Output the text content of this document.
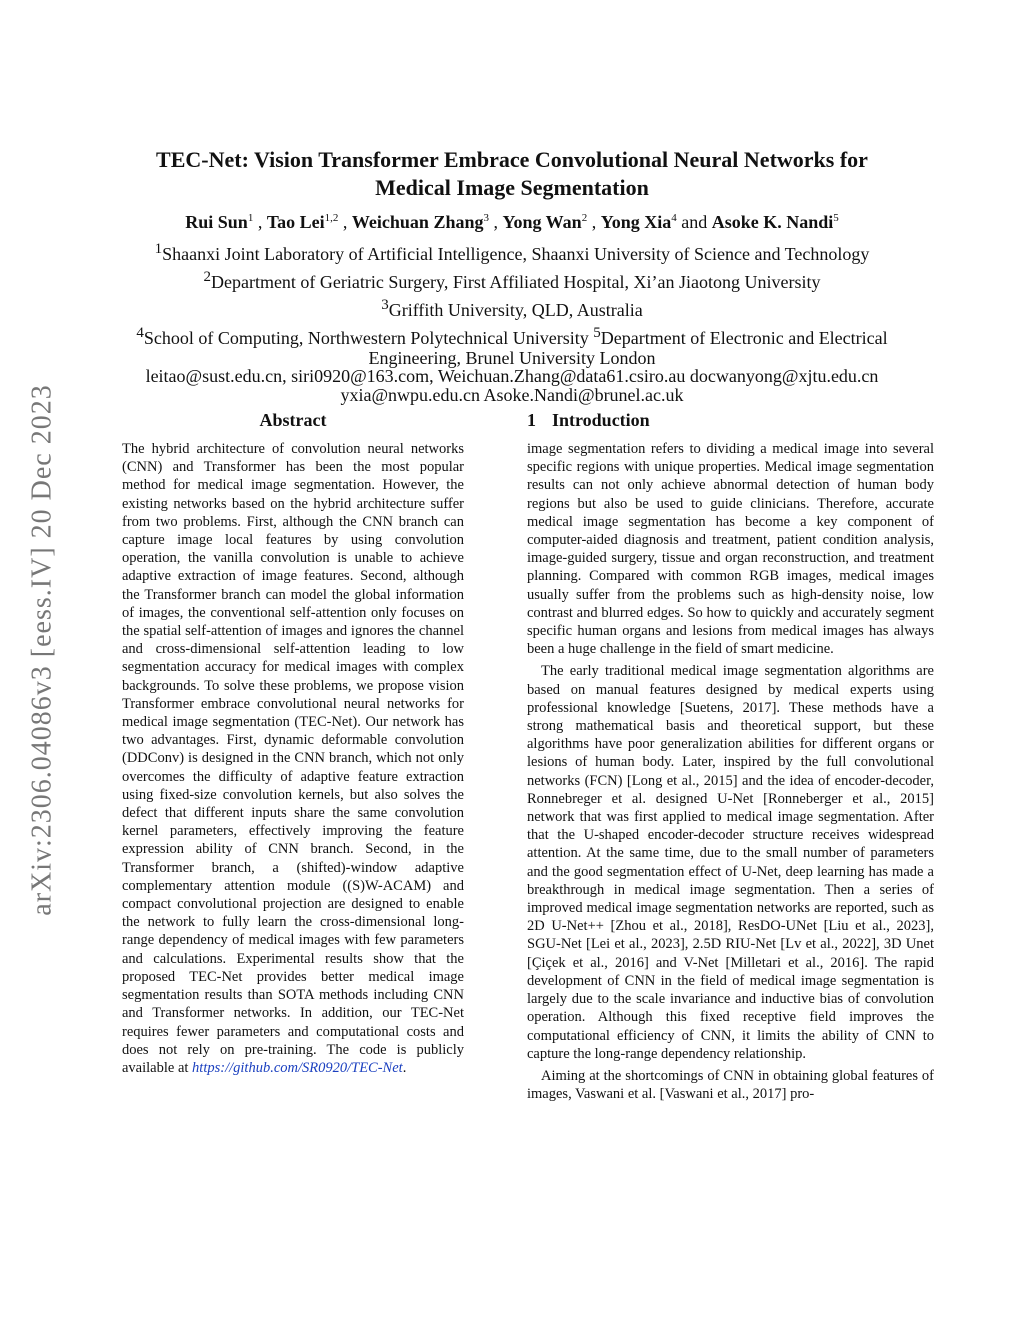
arXiv:2306.04086v3 [eess.IV] 20 Dec 2023
TEC-Net: Vision Transformer Embrace Convolutional Neural Networks for
Medical Image Segmentation
Rui Sun$^1$ , Tao Lei$^{1,2}$ , Weichuan Zhang$^3$ , Yong Wan$^2$ , Yong Xia$^4$ and Asoke K. Nandi$^5$
$^1$Shaanxi Joint Laboratory of Artificial Intelligence, Shaanxi University of Science and Technology
$^2$Department of Geriatric Surgery, First Affiliated Hospital, Xi’an Jiaotong University
$^3$Griffith University, QLD, Australia
$^4$School of Computing, Northwestern Polytechnical University $^5$Department of Electronic and Electrical
Engineering, Brunel University London
leitao@sust.edu.cn, siri0920@163.com, Weichuan.Zhang@data61.csiro.au docwanyong@xjtu.edu.cn
yxia@nwpu.edu.cn Asoke.Nandi@brunel.ac.uk
Abstract

The hybrid architecture of convolution neural networks (CNN) and Transformer has been the most popular method for medical image segmentation. However, the existing networks based on the hybrid architecture suffer from two problems. First, although the CNN branch can capture image local features by using convolution operation, the vanilla convolution is unable to achieve adaptive extraction of image features. Second, although the Transformer branch can model the global information of images, the conventional self-attention only focuses on the spatial self-attention of images and ignores the channel and cross-dimensional self-attention leading to low segmentation accuracy for medical images with complex backgrounds. To solve these problems, we propose vision Transformer embrace convolutional neural networks for medical image segmentation (TEC-Net). Our network has two advantages. First, dynamic deformable convolution (DDConv) is designed in the CNN branch, which not only overcomes the difficulty of adaptive feature extraction using fixed-size convolution kernels, but also solves the defect that different inputs share the same convolution kernel parameters, effectively improving the feature expression ability of CNN branch. Second, in the Transformer branch, a (shifted)-window adaptive complementary attention module ((S)W-ACAM) and compact convolutional projection are designed to enable the network to fully learn the cross-dimensional long-range dependency of medical images with few parameters and calculations. Experimental results show that the proposed TEC-Net provides better medical image segmentation results than SOTA methods including CNN and Transformer networks. In addition, our TEC-Net requires fewer parameters and computational costs and does not rely on pre-training. The code is publicly available at https://github.com/SR0920/TEC-Net.

1 Introduction

image segmentation refers to dividing a medical image into several specific regions with unique properties. Medical image segmentation results can not only achieve abnormal detection of human body regions but also be used to guide clinicians. Therefore, accurate medical image segmentation has become a key component of computer-aided diagnosis and treatment, patient condition analysis, image-guided surgery, tissue and organ reconstruction, and treatment planning. Compared with common RGB images, medical images usually suffer from the problems such as high-density noise, low contrast and blurred edges. So how to quickly and accurately segment specific human organs and lesions from medical images has always been a huge challenge in the field of smart medicine.

The early traditional medical image segmentation algorithms are based on manual features designed by medical experts using professional knowledge [Suetens, 2017]. These methods have a strong mathematical basis and theoretical support, but these algorithms have poor generalization abilities for different organs or lesions of human body. Later, inspired by the full convolutional networks (FCN) [Long et al., 2015] and the idea of encoder-decoder, Ronnebreger et al. designed U-Net [Ronneberger et al., 2015] network that was first applied to medical image segmentation. After that the U-shaped encoder-decoder structure receives widespread attention. At the same time, due to the small number of parameters and the good segmentation effect of U-Net, deep learning has made a breakthrough in medical image segmentation. Then a series of improved medical image segmentation networks are reported, such as 2D U-Net++ [Zhou et al., 2018], ResDO-UNet [Liu et al., 2023], SGU-Net [Lei et al., 2023], 2.5D RIU-Net [Lv et al., 2022], 3D Unet [Çiçek et al., 2016] and V-Net [Milletari et al., 2016]. The rapid development of CNN in the field of medical image segmentation is largely due to the scale invariance and inductive bias of convolution operation. Although this fixed receptive field improves the computational efficiency of CNN, it limits the ability of CNN to capture the long-range dependency relationship.

Aiming at the shortcomings of CNN in obtaining global features of images, Vaswani et al. [Vaswani et al., 2017] pro-
